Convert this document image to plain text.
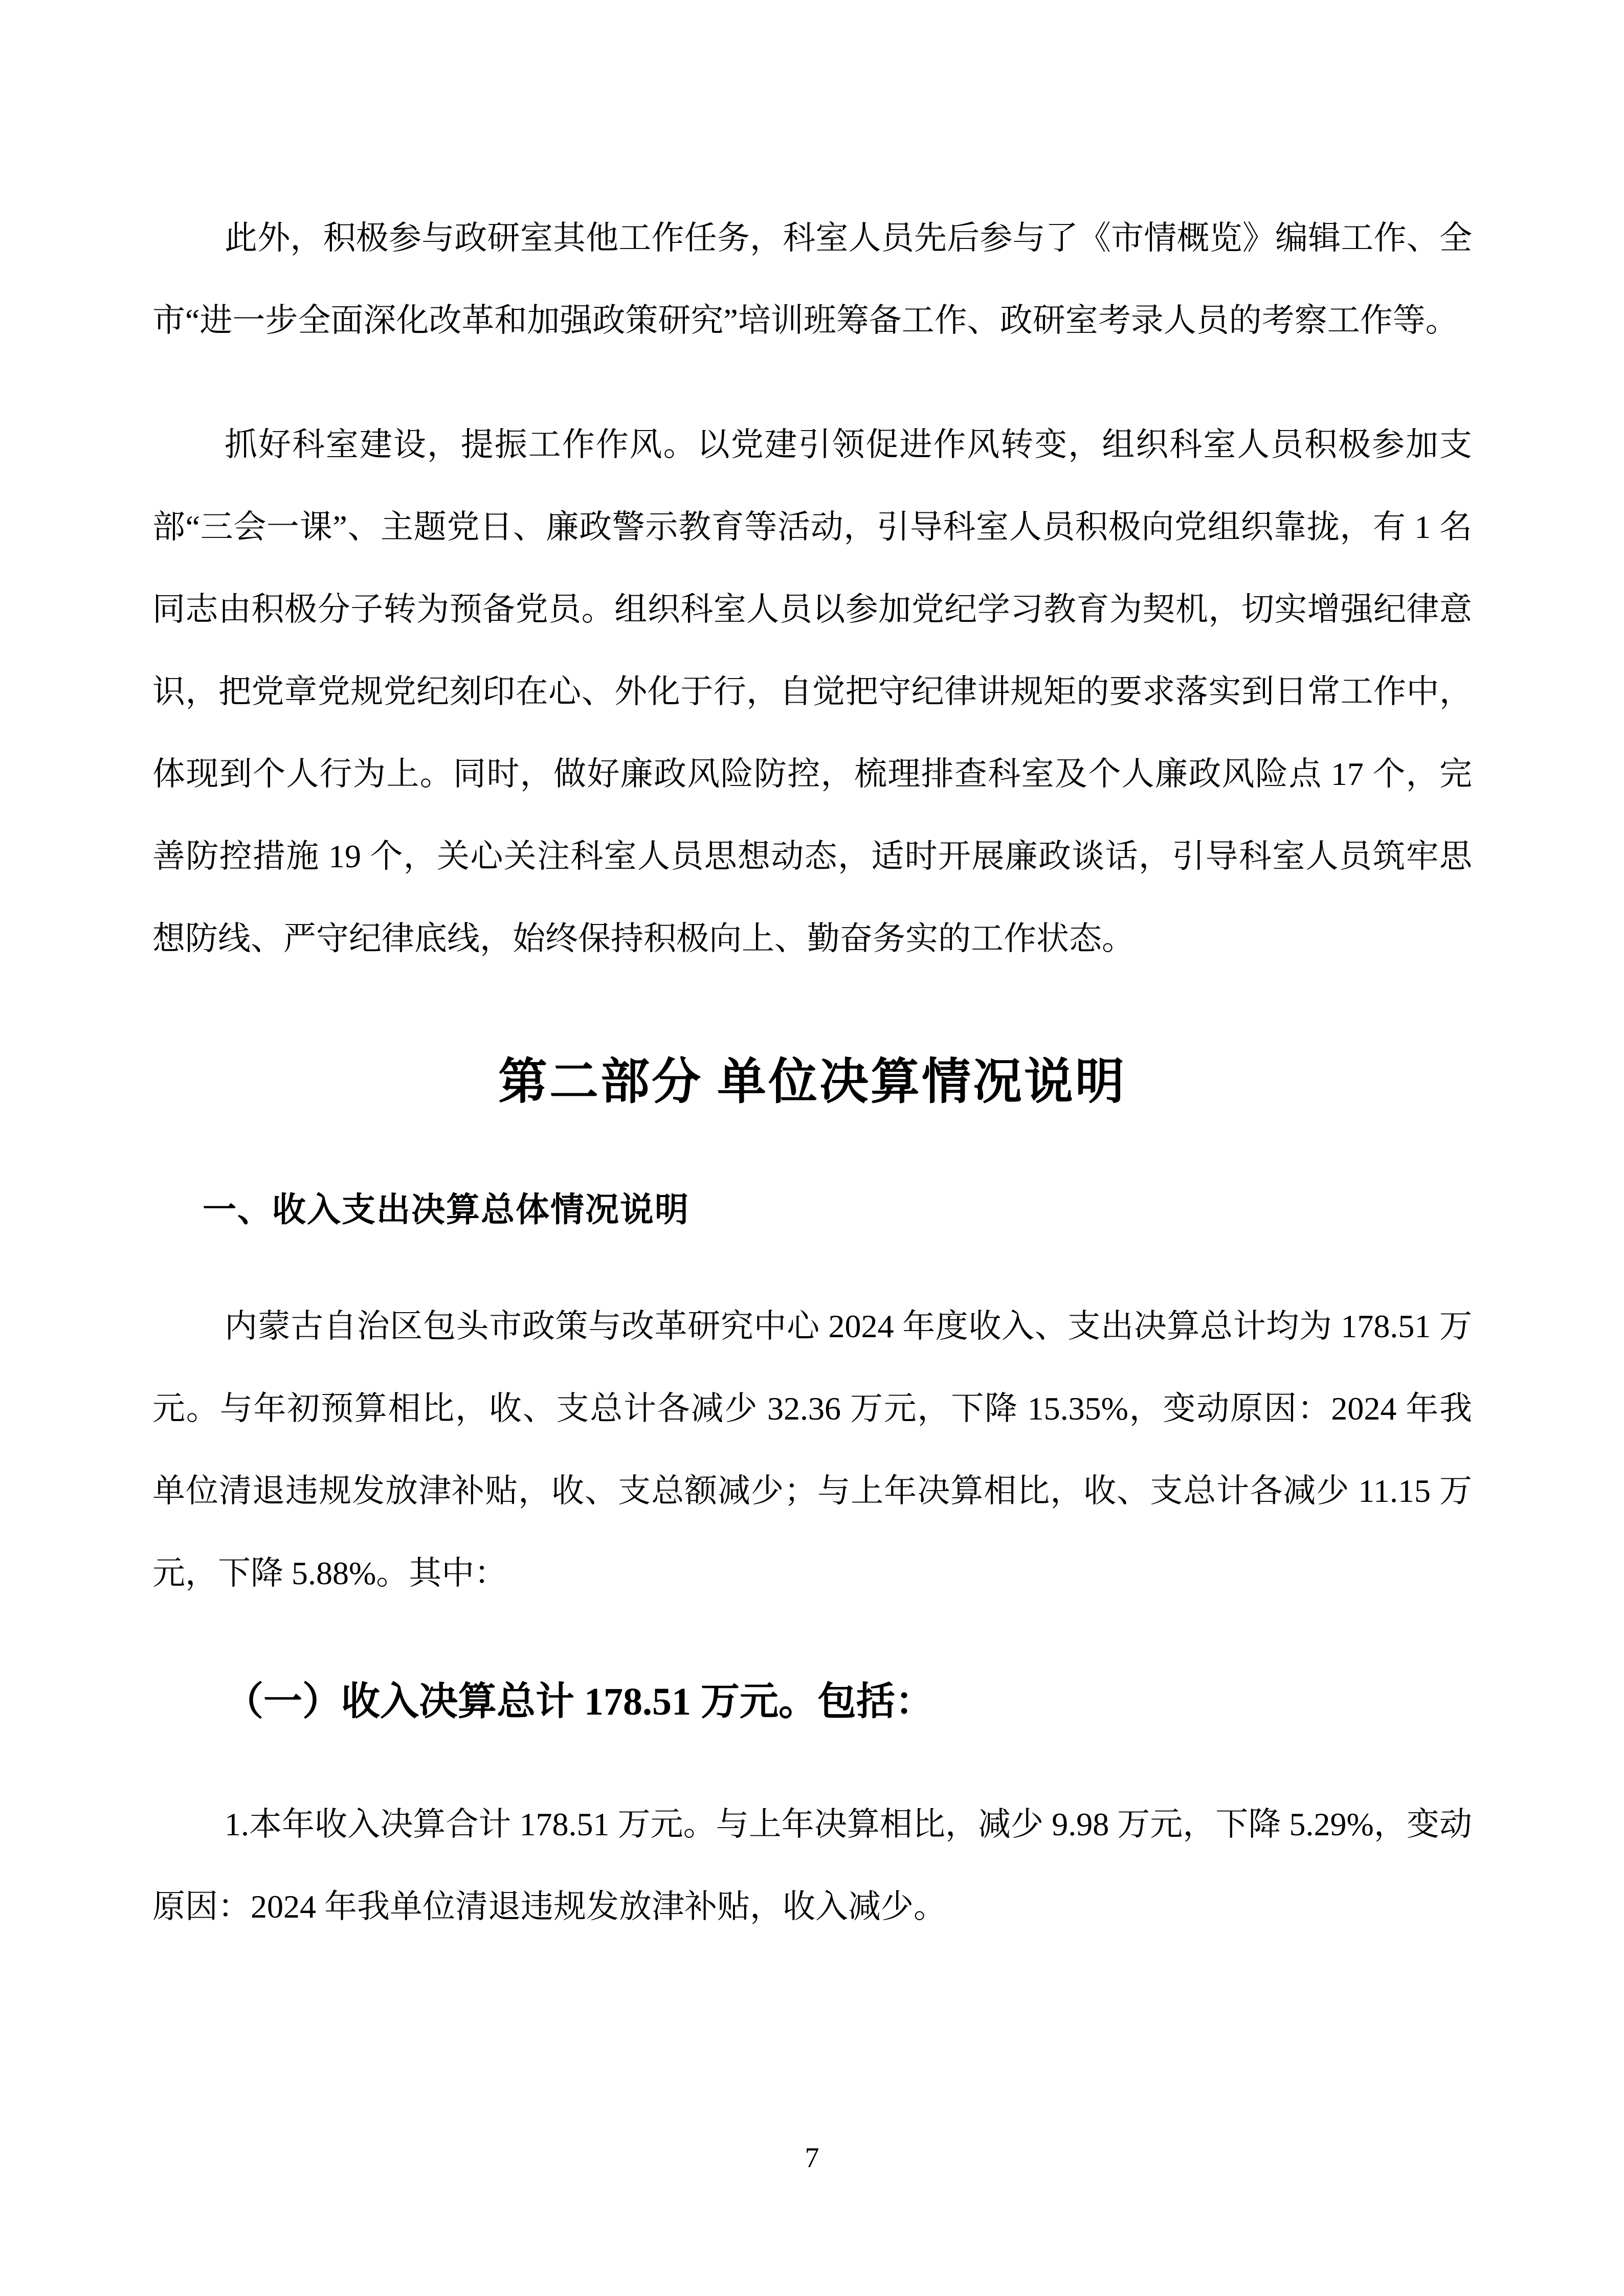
此外，积极参与政研室其他工作任务，科室人员先后参与了《市情概览》编辑工作、全市“进一步全面深化改革和加强政策研究”培训班筹备工作、政研室考录人员的考察工作等。

抓好科室建设，提振工作作风。以党建引领促进作风转变，组织科室人员积极参加支部“三会一课”、主题党日、廉政警示教育等活动，引导科室人员积极向党组织靠拢，有 1 名同志由积极分子转为预备党员。组织科室人员以参加党纪学习教育为契机，切实增强纪律意识，把党章党规党纪刻印在心、外化于行，自觉把守纪律讲规矩的要求落实到日常工作中，体现到个人行为上。同时，做好廉政风险防控，梳理排查科室及个人廉政风险点 17 个，完善防控措施 19 个，关心关注科室人员思想动态，适时开展廉政谈话，引导科室人员筑牢思想防线、严守纪律底线，始终保持积极向上、勤奋务实的工作状态。

第二部分 单位决算情况说明
一、收入支出决算总体情况说明

内蒙古自治区包头市政策与改革研究中心 2024 年度收入、支出决算总计均为 178.51 万元。与年初预算相比，收、支总计各减少 32.36 万元，下降 15.35%，变动原因：2024 年我单位清退违规发放津补贴，收、支总额减少；与上年决算相比，收、支总计各减少 11.15 万元，下降 5.88%。其中：

（一）收入决算总计 178.51 万元。包括：

1.本年收入决算合计 178.51 万元。与上年决算相比，减少 9.98 万元，下降 5.29%，变动原因：2024 年我单位清退违规发放津补贴，收入减少。

7
